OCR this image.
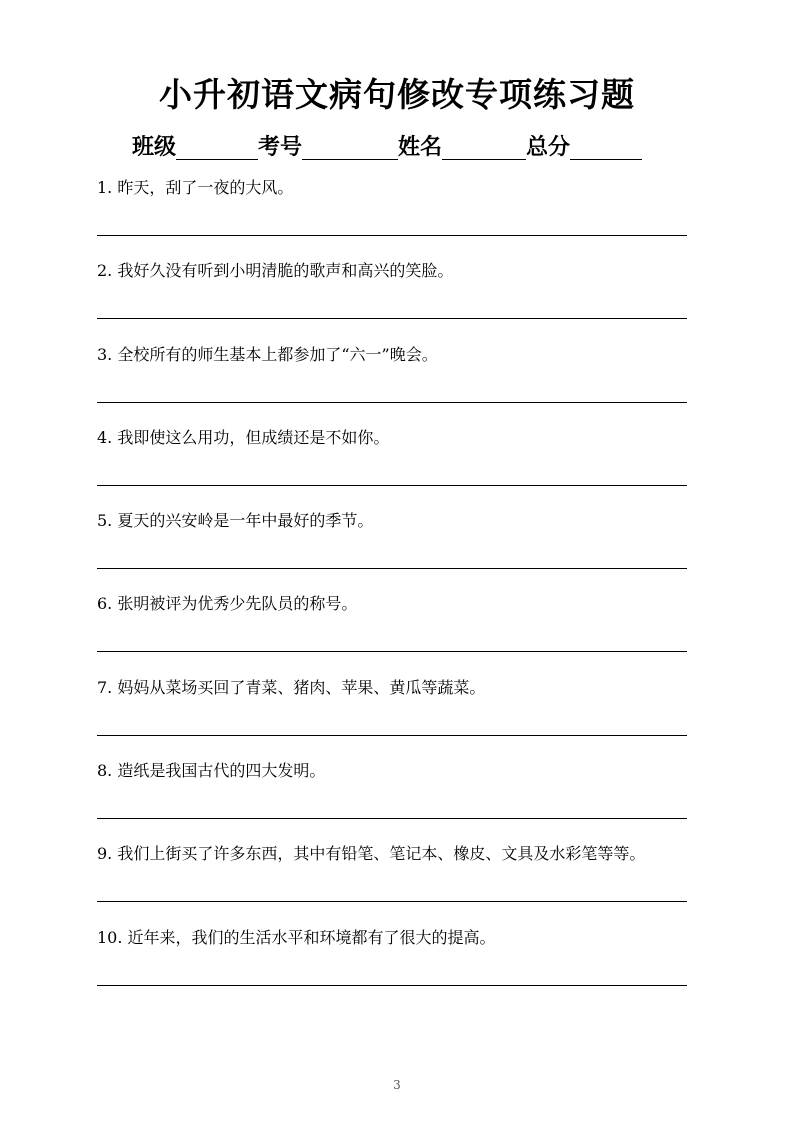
小升初语文病句修改专项练习题
班级	考号	姓名	总分
1. 昨天，刮了一夜的大风。
2. 我好久没有听到小明清脆的歌声和高兴的笑脸。
3. 全校所有的师生基本上都参加了“六一”晚会。
4. 我即使这么用功，但成绩还是不如你。
5. 夏天的兴安岭是一年中最好的季节。
6. 张明被评为优秀少先队员的称号。
7. 妈妈从菜场买回了青菜、猪肉、苹果、黄瓜等蔬菜。
8. 造纸是我国古代的四大发明。
9. 我们上街买了许多东西，其中有铅笔、笔记本、橡皮、文具及水彩笔等等。
10. 近年来，我们的生活水平和环境都有了很大的提高。
3
